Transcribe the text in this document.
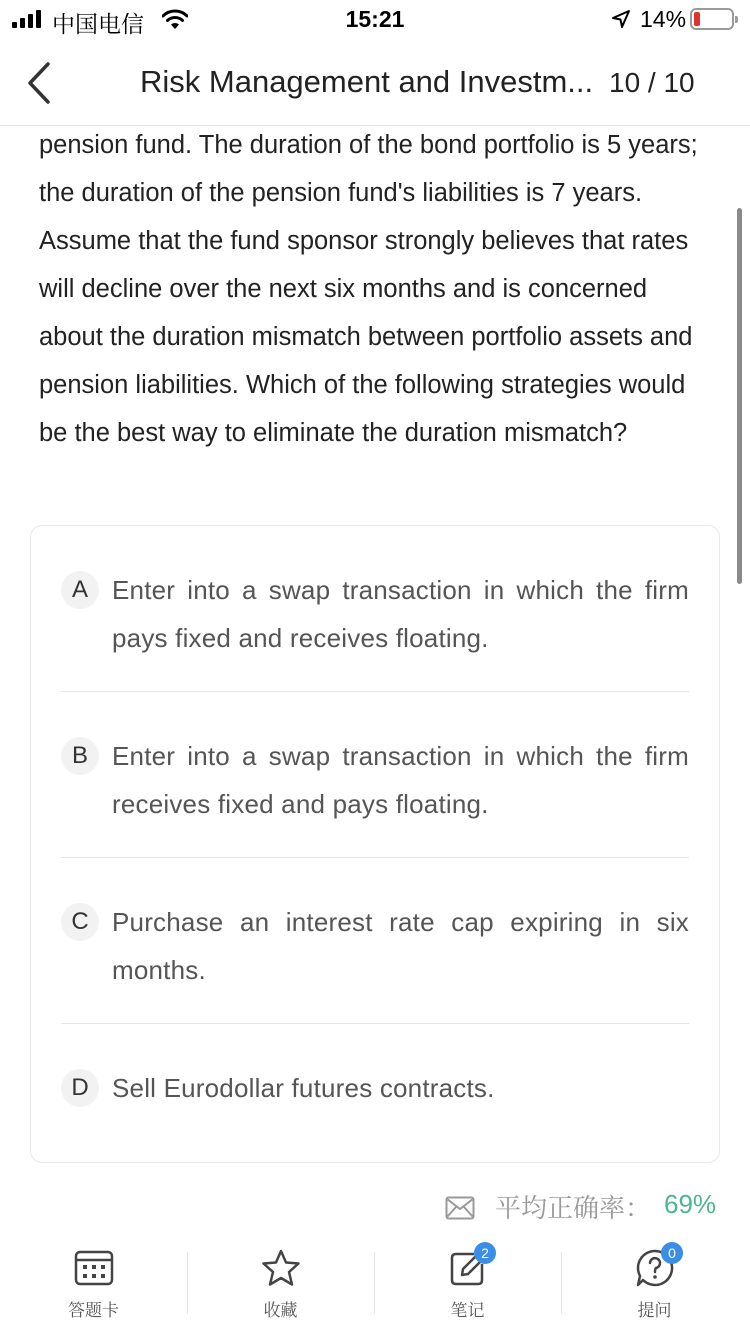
中国电信	15:21	14%
Risk Management and Investm... 10 / 10
pension fund. The duration of the bond portfolio is 5 years; the duration of the pension fund's liabilities is 7 years. Assume that the fund sponsor strongly believes that rates will decline over the next six months and is concerned about the duration mismatch between portfolio assets and pension liabilities. Which of the following strategies would be the best way to eliminate the duration mismatch?
A Enter into a swap transaction in which the firm pays fixed and receives floating.
B Enter into a swap transaction in which the firm receives fixed and pays floating.
C Purchase an interest rate cap expiring in six months.
D Sell Eurodollar futures contracts.
平均正确率： 69%
答题卡	收藏
2
笔记
0
提问
